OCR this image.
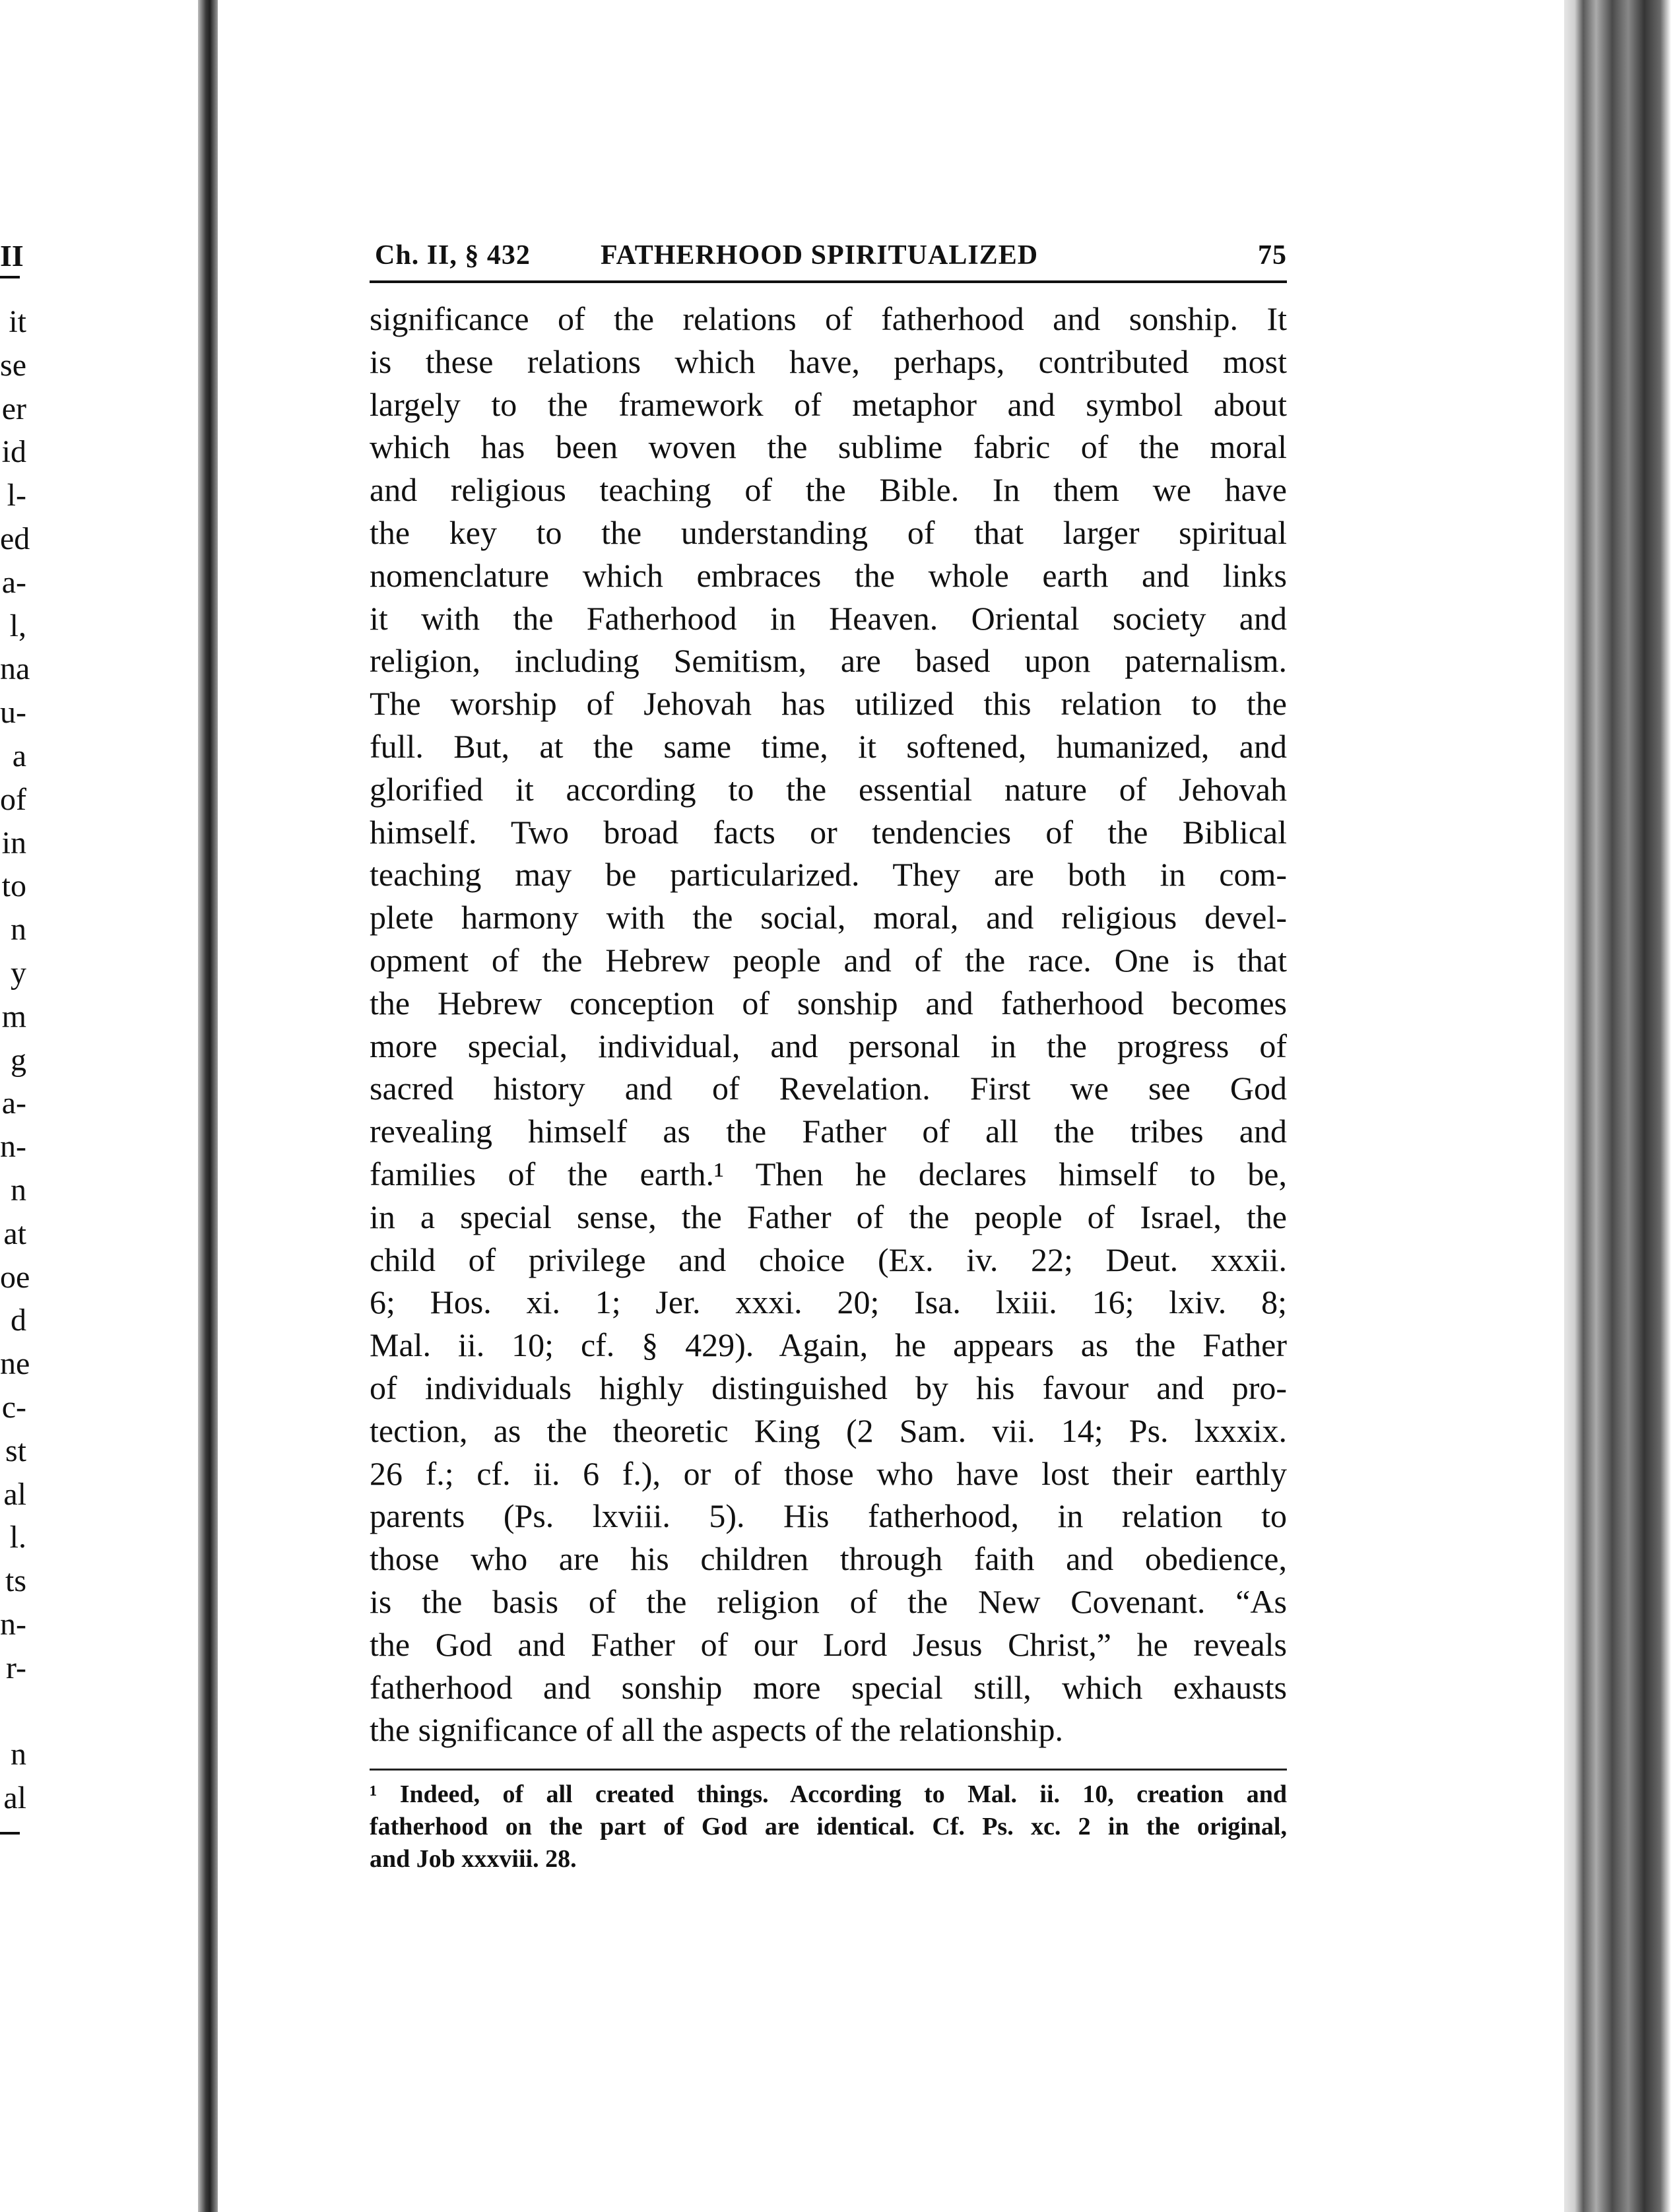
II
it
se
er
id
l-
ed
a-
l,
na
u-
a
of
in
to
n
y
m
g
a-
n-
n
at
oe
d
ne
c-
st
al
l.
ts
n-
r-
n
al
Ch. II, § 432	FATHERHOOD SPIRITUALIZED	75
significance of the relations of fatherhood and sonship. It
is these relations which have, perhaps, contributed most
largely to the framework of metaphor and symbol about
which has been woven the sublime fabric of the moral
and religious teaching of the Bible. In them we have
the key to the understanding of that larger spiritual
nomenclature which embraces the whole earth and links
it with the Fatherhood in Heaven. Oriental society and
religion, including Semitism, are based upon paternalism.
The worship of Jehovah has utilized this relation to the
full. But, at the same time, it softened, humanized, and
glorified it according to the essential nature of Jehovah
himself. Two broad facts or tendencies of the Biblical
teaching may be particularized. They are both in com-
plete harmony with the social, moral, and religious devel-
opment of the Hebrew people and of the race. One is that
the Hebrew conception of sonship and fatherhood becomes
more special, individual, and personal in the progress of
sacred history and of Revelation. First we see God
revealing himself as the Father of all the tribes and
families of the earth.¹ Then he declares himself to be,
in a special sense, the Father of the people of Israel, the
child of privilege and choice (Ex. iv. 22; Deut. xxxii.
6; Hos. xi. 1; Jer. xxxi. 20; Isa. lxiii. 16; lxiv. 8;
Mal. ii. 10; cf. § 429). Again, he appears as the Father
of individuals highly distinguished by his favour and pro-
tection, as the theoretic King (2 Sam. vii. 14; Ps. lxxxix.
26 f.; cf. ii. 6 f.), or of those who have lost their earthly
parents (Ps. lxviii. 5). His fatherhood, in relation to
those who are his children through faith and obedience,
is the basis of the religion of the New Covenant. “As
the God and Father of our Lord Jesus Christ,” he reveals
fatherhood and sonship more special still, which exhausts
the significance of all the aspects of the relationship.
¹ Indeed, of all created things. According to Mal. ii. 10, creation and
fatherhood on the part of God are identical. Cf. Ps. xc. 2 in the original,
and Job xxxviii. 28.
